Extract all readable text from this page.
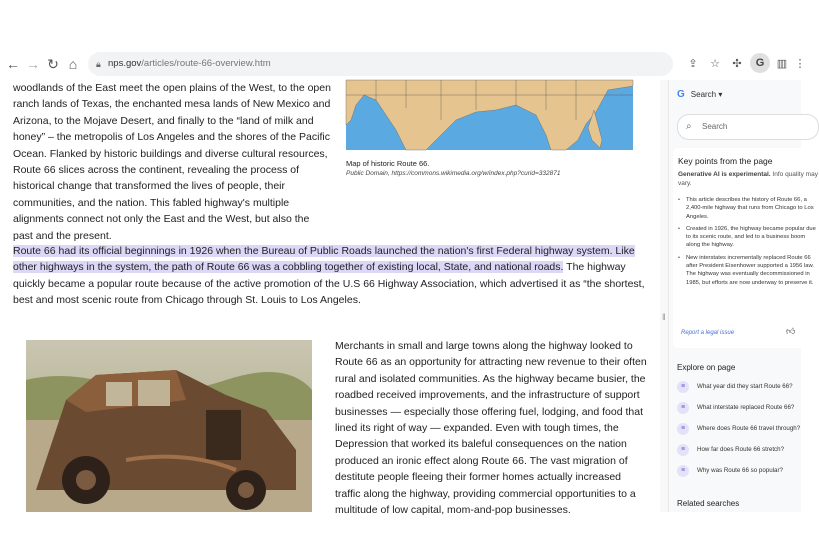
← → ↻ ⌂	🔒︎ nps.gov/articles/route-66-overview.htm	⇪	☆	✣	G	▥ ⋮
woodlands of the East meet the open plains of the West, to the open ranch lands of Texas, the enchanted mesa lands of New Mexico and Arizona, to the Mojave Desert, and finally to the “land of milk and honey” – the metropolis of Los Angeles and the shores of the Pacific Ocean. Flanked by historic buildings and diverse cultural resources, Route 66 slices across the continent, revealing the process of historical change that transformed the lives of people, their communities, and the nation. This fabled highway's multiple alignments connect not only the East and the West, but also the past and the present.
Map of historic Route 66.
Public Domain, https://commons.wikimedia.org/w/index.php?curid=332871
Route 66 had its official beginnings in 1926 when the Bureau of Public Roads launched the nation's first Federal highway system. Like other highways in the system, the path of Route 66 was a cobbling together of existing local, State, and national roads. The highway quickly became a popular route because of the active promotion of the U.S 66 Highway Association, which advertised it as “the shortest, best and most scenic route from Chicago through St. Louis to Los Angeles.
Merchants in small and large towns along the highway looked to Route 66 as an opportunity for attracting new revenue to their often rural and isolated communities. As the highway became busier, the roadbed received improvements, and the infrastructure of support businesses — especially those offering fuel, lodging, and food that lined its right of way — expanded. Even with tough times, the Depression that worked its baleful consequences on the nation produced an ironic effect along Route 66. The vast migration of destitute people fleeing their former homes actually increased traffic along the highway, providing commercial opportunities to a multitude of low capital, mom-and-pop businesses.
‖
G Search ▾
⌕ Search
Key points from the page
Generative AI is experimental. Info quality may vary.
• This article describes the history of Route 66, a 2,400-mile highway that runs from Chicago to Los Angeles.
• Created in 1926, the highway became popular due to its scenic route, and led to a business boom along the highway.
• New interstates incrementally replaced Route 66 after President Eisenhower supported a 1956 law. The highway was eventually decommissioned in 1985, but efforts are now underway to preserve it.
Report a legal issue	👍︎
Explore on page
≡ What year did they start Route 66?
≡ What interstate replaced Route 66?
≡ Where does Route 66 travel through?
≡ How far does Route 66 stretch?
≡ Why was Route 66 so popular?
Related searches
